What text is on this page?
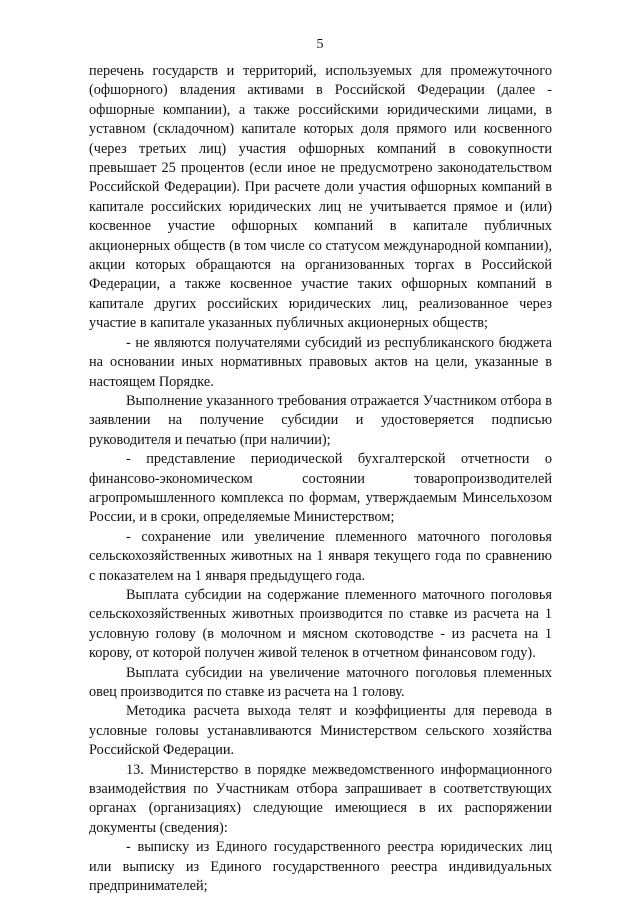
5

перечень государств и территорий, используемых для промежуточного (офшорного) владения активами в Российской Федерации (далее - офшорные компании), а также российскими юридическими лицами, в уставном (складочном) капитале которых доля прямого или косвенного (через третьих лиц) участия офшорных компаний в совокупности превышает 25 процентов (если иное не предусмотрено законодательством Российской Федерации). При расчете доли участия офшорных компаний в капитале российских юридических лиц не учитывается прямое и (или) косвенное участие офшорных компаний в капитале публичных акционерных обществ (в том числе со статусом международной компании), акции которых обращаются на организованных торгах в Российской Федерации, а также косвенное участие таких офшорных компаний в капитале других российских юридических лиц, реализованное через участие в капитале указанных публичных акционерных обществ;

- не являются получателями субсидий из республиканского бюджета на основании иных нормативных правовых актов на цели, указанные в настоящем Порядке.

Выполнение указанного требования отражается Участником отбора в заявлении на получение субсидии и удостоверяется подписью руководителя и печатью (при наличии);

- представление периодической бухгалтерской отчетности о финансово-экономическом состоянии товаропроизводителей агропромышленного комплекса по формам, утверждаемым Минсельхозом России, и в сроки, определяемые Министерством;

- сохранение или увеличение племенного маточного поголовья сельскохозяйственных животных на 1 января текущего года по сравнению с показателем на 1 января предыдущего года.

Выплата субсидии на содержание племенного маточного поголовья сельскохозяйственных животных производится по ставке из расчета на 1 условную голову (в молочном и мясном скотоводстве - из расчета на 1 корову, от которой получен живой теленок в отчетном финансовом году).

Выплата субсидии на увеличение маточного поголовья племенных овец производится по ставке из расчета на 1 голову.

Методика расчета выхода телят и коэффициенты для перевода в условные головы устанавливаются Министерством сельского хозяйства Российской Федерации.

13. Министерство в порядке межведомственного информационного взаимодействия по Участникам отбора запрашивает в соответствующих органах (организациях) следующие имеющиеся в их распоряжении документы (сведения):

- выписку из Единого государственного реестра юридических лиц или выписку из Единого государственного реестра индивидуальных предпринимателей;
